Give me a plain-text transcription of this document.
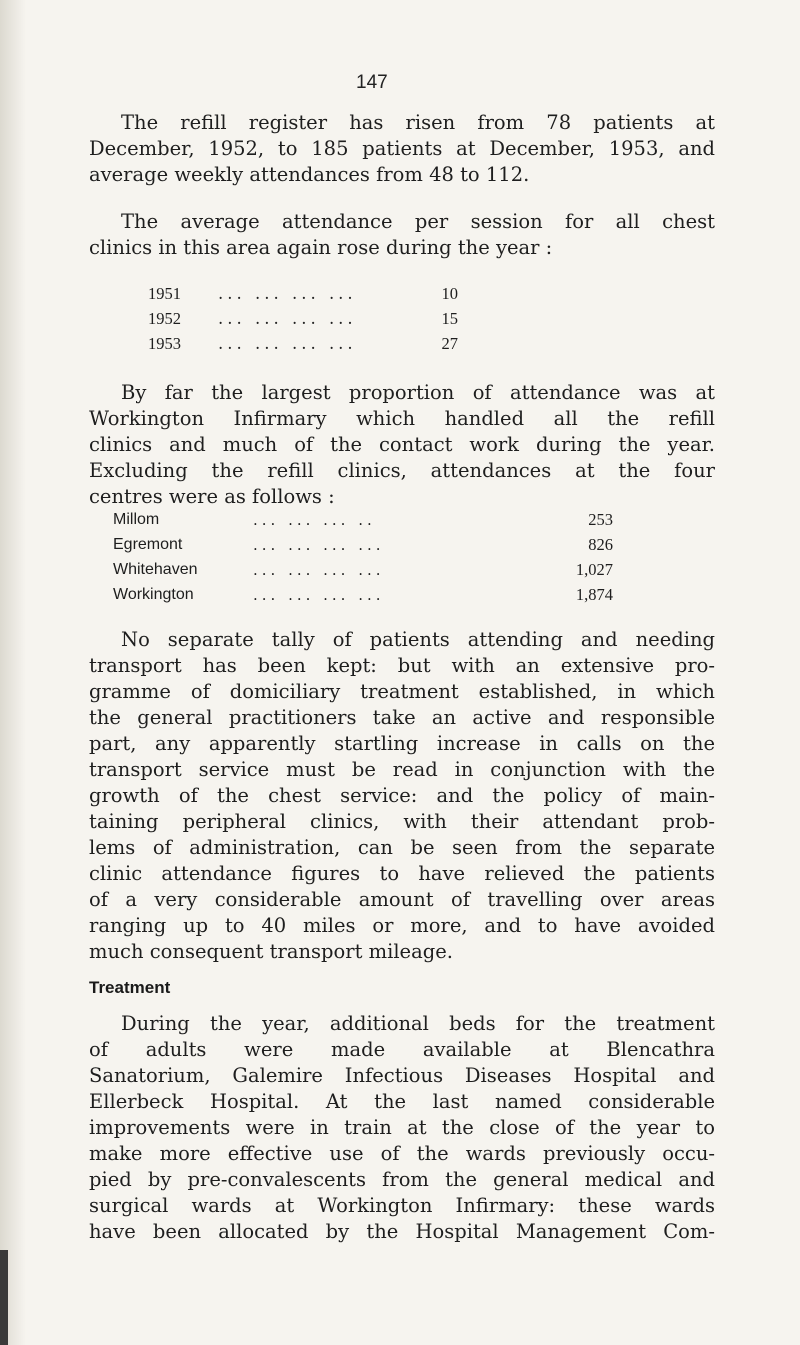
147

The refill register has risen from 78 patients at
December, 1952, to 185 patients at December, 1953, and
average weekly attendances from 48 to 112.

The average attendance per session for all chest
clinics in this area again rose during the year :

1951	... ... ... ...	10
1952	... ... ... ...	15
1953	... ... ... ...	27

By far the largest proportion of attendance was at
Workington Infirmary which handled all the refill
clinics and much of the contact work during the year.
Excluding the refill clinics, attendances at the four
centres were as follows :

Millom	... ... ... ..	253
Egremont	... ... ... ...	826
Whitehaven	... ... ... ...	1,027
Workington	... ... ... ...	1,874

No separate tally of patients attending and needing
transport has been kept: but with an extensive pro-
gramme of domiciliary treatment established, in which
the general practitioners take an active and responsible
part, any apparently startling increase in calls on the
transport service must be read in conjunction with the
growth of the chest service: and the policy of main-
taining peripheral clinics, with their attendant prob-
lems of administration, can be seen from the separate
clinic attendance figures to have relieved the patients
of a very considerable amount of travelling over areas
ranging up to 40 miles or more, and to have avoided
much consequent transport mileage.

Treatment

During the year, additional beds for the treatment
of adults were made available at Blencathra
Sanatorium, Galemire Infectious Diseases Hospital and
Ellerbeck Hospital. At the last named considerable
improvements were in train at the close of the year to
make more effective use of the wards previously occu-
pied by pre-convalescents from the general medical and
surgical wards at Workington Infirmary: these wards
have been allocated by the Hospital Management Com-
